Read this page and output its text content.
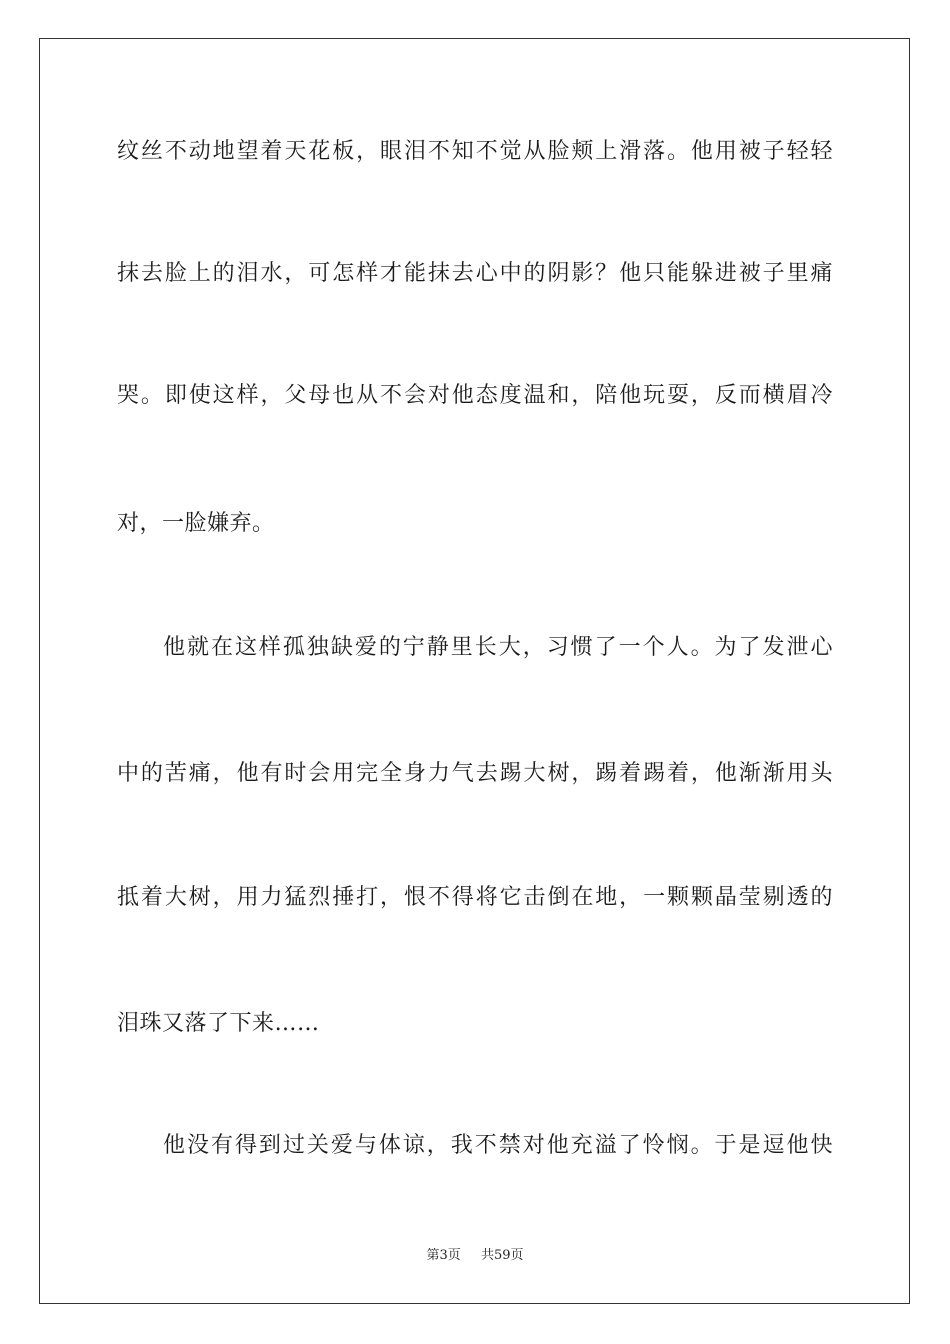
纹丝不动地望着天花板，眼泪不知不觉从脸颊上滑落。他用被子轻轻
抹去脸上的泪水，可怎样才能抹去心中的阴影？他只能躲进被子里痛
哭。即使这样，父母也从不会对他态度温和，陪他玩耍，反而横眉冷
对，一脸嫌弃。
他就在这样孤独缺爱的宁静里长大，习惯了一个人。为了发泄心
中的苦痛，他有时会用完全身力气去踢大树，踢着踢着，他渐渐用头
抵着大树，用力猛烈捶打，恨不得将它击倒在地，一颗颗晶莹剔透的
泪珠又落了下来……
他没有得到过关爱与体谅，我不禁对他充溢了怜悯。于是逗他快
第3页 共59页
